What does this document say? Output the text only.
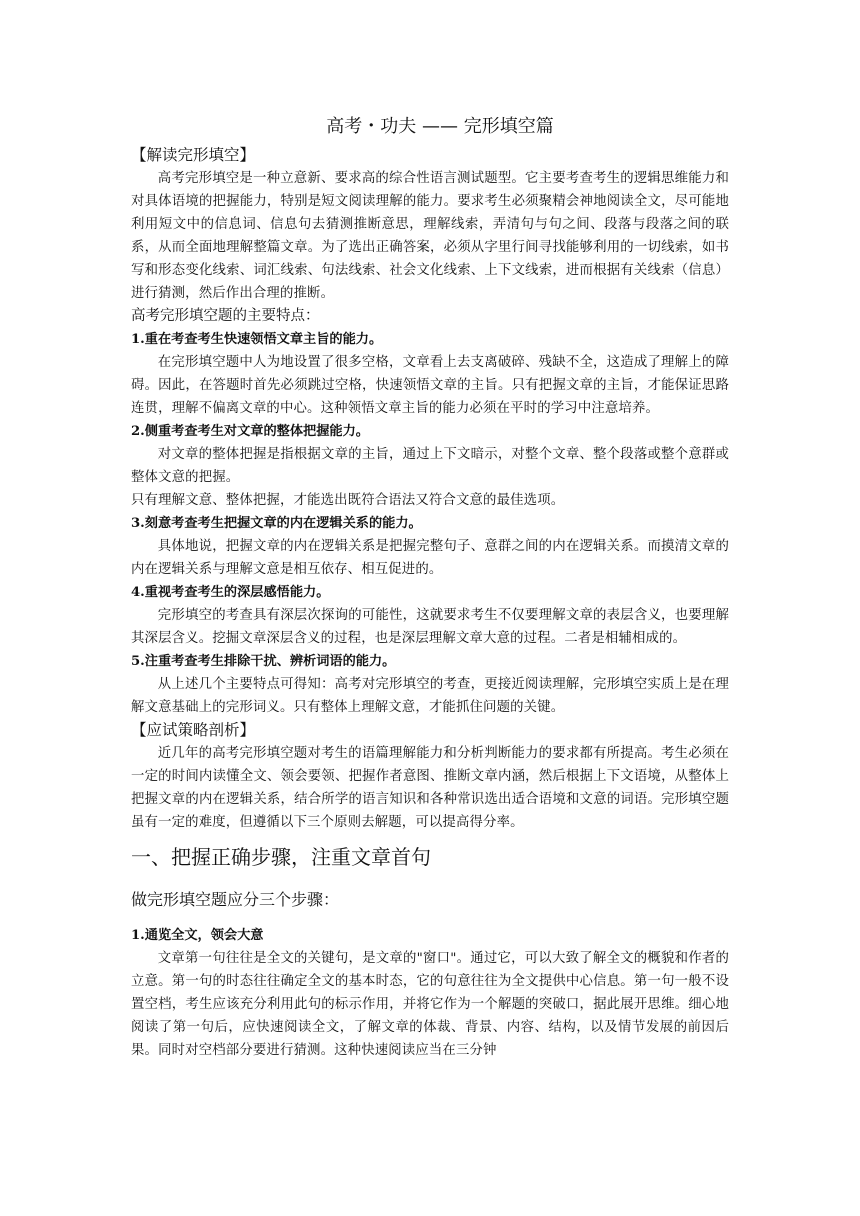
高考・功夫 —— 完形填空篇
【解读完形填空】

高考完形填空是一种立意新、要求高的综合性语言测试题型。它主要考查考生的逻辑思维能力和对具体语境的把握能力，特别是短文阅读理解的能力。要求考生必须聚精会神地阅读全文，尽可能地利用短文中的信息词、信息句去猜测推断意思，理解线索，弄清句与句之间、段落与段落之间的联系，从而全面地理解整篇文章。为了选出正确答案，必须从字里行间寻找能够利用的一切线索，如书写和形态变化线索、词汇线索、句法线索、社会文化线索、上下文线索，进而根据有关线索（信息）进行猜测，然后作出合理的推断。

高考完形填空题的主要特点：
1.重在考查考生快速领悟文章主旨的能力。

在完形填空题中人为地设置了很多空格，文章看上去支离破碎、残缺不全，这造成了理解上的障碍。因此，在答题时首先必须跳过空格，快速领悟文章的主旨。只有把握文章的主旨，才能保证思路连贯，理解不偏离文章的中心。这种领悟文章主旨的能力必须在平时的学习中注意培养。

2.侧重考查考生对文章的整体把握能力。

对文章的整体把握是指根据文章的主旨，通过上下文暗示，对整个文章、整个段落或整个意群或整体文意的把握。

只有理解文意、整体把握，才能选出既符合语法又符合文意的最佳选项。

3.刻意考查考生把握文章的内在逻辑关系的能力。

具体地说，把握文章的内在逻辑关系是把握完整句子、意群之间的内在逻辑关系。而摸清文章的内在逻辑关系与理解文意是相互依存、相互促进的。

4.重视考查考生的深层感悟能力。

完形填空的考查具有深层次探询的可能性，这就要求考生不仅要理解文章的表层含义，也要理解其深层含义。挖掘文章深层含义的过程，也是深层理解文章大意的过程。二者是相辅相成的。

5.注重考查考生排除干扰、辨析词语的能力。

从上述几个主要特点可得知：高考对完形填空的考查，更接近阅读理解，完形填空实质上是在理解文意基础上的完形词义。只有整体上理解文意，才能抓住问题的关键。

【应试策略剖析】

近几年的高考完形填空题对考生的语篇理解能力和分析判断能力的要求都有所提高。考生必须在一定的时间内读懂全文、领会要领、把握作者意图、推断文章内涵，然后根据上下文语境，从整体上把握文章的内在逻辑关系，结合所学的语言知识和各种常识选出适合语境和文意的词语。完形填空题虽有一定的难度，但遵循以下三个原则去解题，可以提高得分率。

一、把握正确步骤，注重文章首句
做完形填空题应分三个步骤：
1.通览全文，领会大意

文章第一句往往是全文的关键句，是文章的"窗口"。通过它，可以大致了解全文的概貌和作者的立意。第一句的时态往往确定全文的基本时态，它的句意往往为全文提供中心信息。第一句一般不设置空档，考生应该充分利用此句的标示作用，并将它作为一个解题的突破口，据此展开思维。细心地阅读了第一句后，应快速阅读全文，了解文章的体裁、背景、内容、结构，以及情节发展的前因后果。同时对空档部分要进行猜测。这种快速阅读应当在三分钟
